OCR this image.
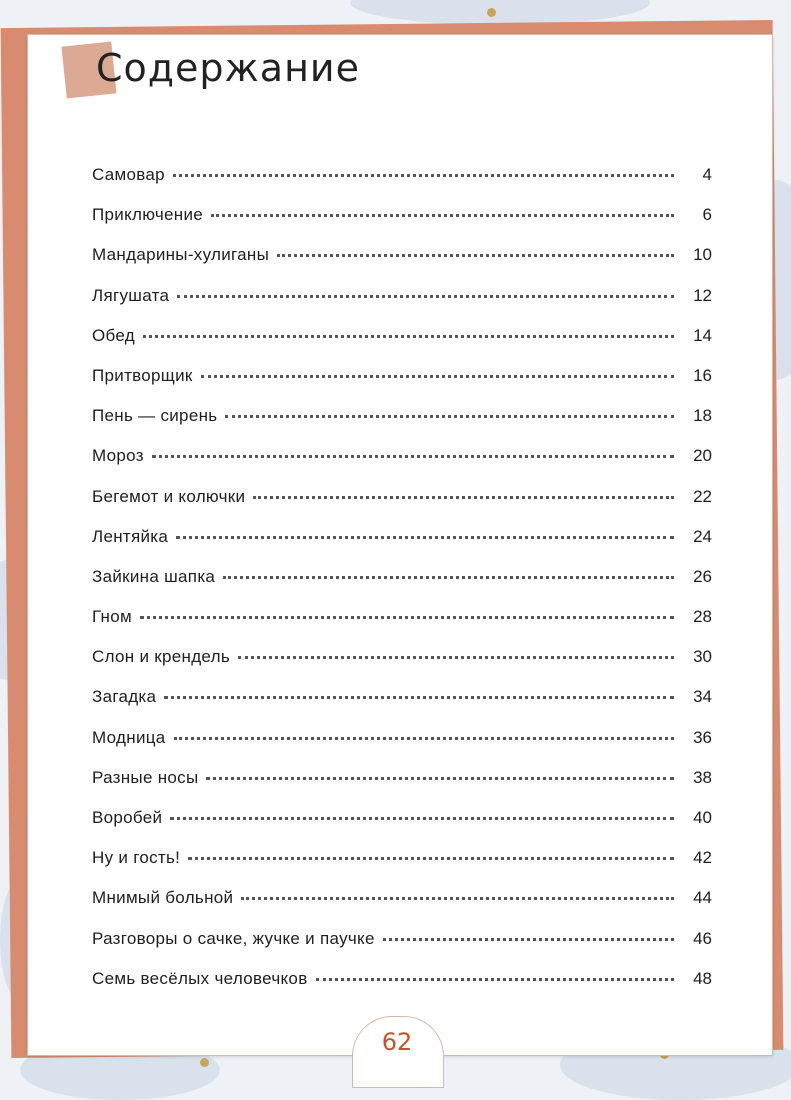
Содержание
Самовар	4
Приключение	6
Мандарины-хулиганы	10
Лягушата	12
Обед	14
Притворщик	16
Пень — сирень	18
Мороз	20
Бегемот и колючки	22
Лентяйка	24
Зайкина шапка	26
Гном	28
Слон и крендель	30
Загадка	34
Модница	36
Разные носы	38
Воробей	40
Ну и гость!	42
Мнимый больной	44
Разговоры о сачке, жучке и паучке	46
Семь весёлых человечков	48
62
